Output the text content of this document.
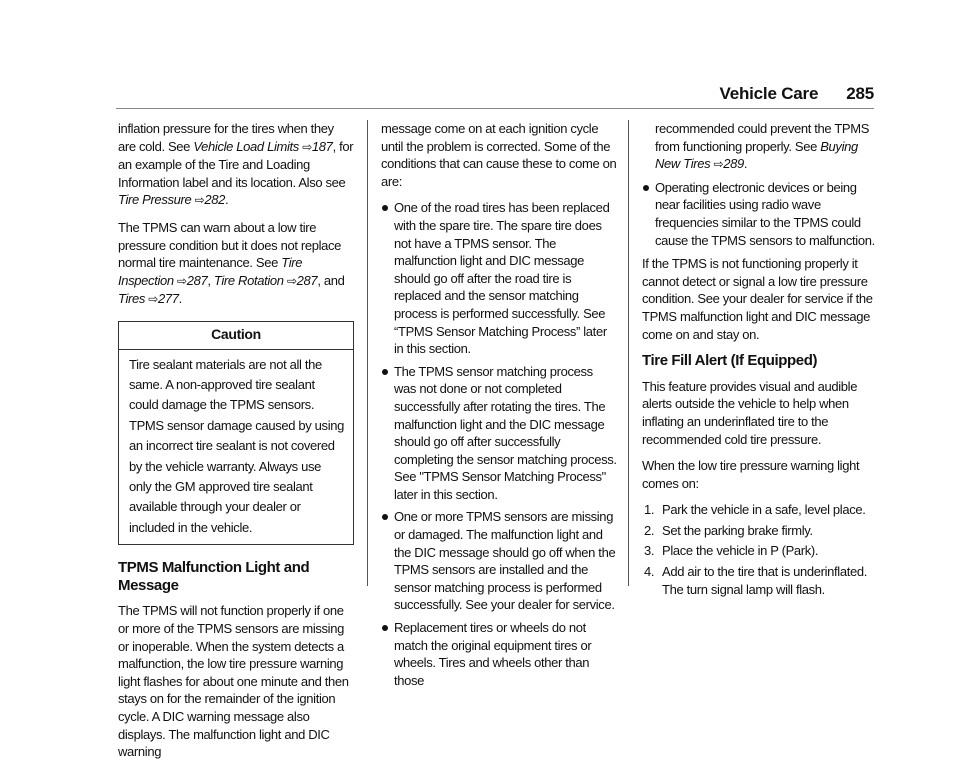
Vehicle Care 285

inflation pressure for the tires when they are cold. See Vehicle Load Limits ⇨187, for an example of the Tire and Loading Information label and its location. Also see Tire Pressure ⇨282.

The TPMS can warn about a low tire pressure condition but it does not replace normal tire maintenance. See Tire Inspection ⇨287, Tire Rotation ⇨287, and Tires ⇨277.

Caution
Tire sealant materials are not all the same. A non-approved tire sealant could damage the TPMS sensors. TPMS sensor damage caused by using an incorrect tire sealant is not covered by the vehicle warranty. Always use only the GM approved tire sealant available through your dealer or included in the vehicle.
TPMS Malfunction Light and Message

The TPMS will not function properly if one or more of the TPMS sensors are missing or inoperable. When the system detects a malfunction, the low tire pressure warning light flashes for about one minute and then stays on for the remainder of the ignition cycle. A DIC warning message also displays. The malfunction light and DIC warning

message come on at each ignition cycle until the problem is corrected. Some of the conditions that can cause these to come on are:

One of the road tires has been replaced with the spare tire. The spare tire does not have a TPMS sensor. The malfunction light and DIC message should go off after the road tire is replaced and the sensor matching process is performed successfully. See “TPMS Sensor Matching Process” later in this section.
The TPMS sensor matching process was not done or not completed successfully after rotating the tires. The malfunction light and the DIC message should go off after successfully completing the sensor matching process. See "TPMS Sensor Matching Process" later in this section.
One or more TPMS sensors are missing or damaged. The malfunction light and the DIC message should go off when the TPMS sensors are installed and the sensor matching process is performed successfully. See your dealer for service.
Replacement tires or wheels do not match the original equipment tires or wheels. Tires and wheels other than those
recommended could prevent the TPMS from functioning properly. See Buying New Tires ⇨289.
Operating electronic devices or being near facilities using radio wave frequencies similar to the TPMS could cause the TPMS sensors to malfunction.

If the TPMS is not functioning properly it cannot detect or signal a low tire pressure condition. See your dealer for service if the TPMS malfunction light and DIC message come on and stay on.

Tire Fill Alert (If Equipped)

This feature provides visual and audible alerts outside the vehicle to help when inflating an underinflated tire to the recommended cold tire pressure.

When the low tire pressure warning light comes on:

1. Park the vehicle in a safe, level place.
2. Set the parking brake firmly.
3. Place the vehicle in P (Park).
4. Add air to the tire that is underinflated. The turn signal lamp will flash.
